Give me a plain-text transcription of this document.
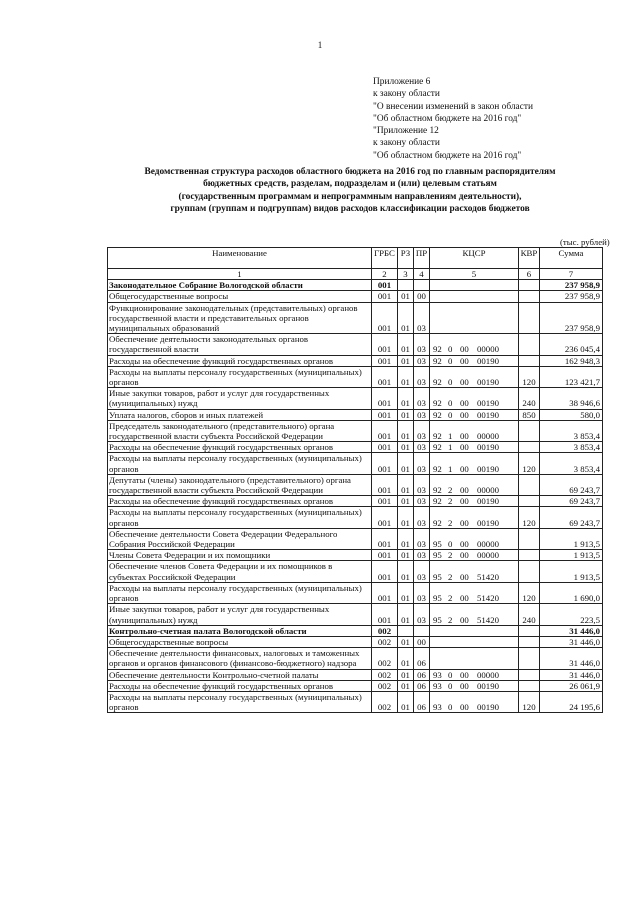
1
Приложение 6
к закону области
"О внесении изменений в закон области
"Об областном бюджете на 2016 год"
"Приложение 12
к закону области
"Об областном бюджете на 2016 год"
Ведомственная структура расходов областного бюджета на 2016 год по главным распорядителям
бюджетных средств, разделам, подразделам и (или) целевым статьям
(государственным программам и непрограммным направлениям деятельности),
группам (группам и подгруппам) видов расходов классификации расходов бюджетов
(тыс. рублей)
Наименование	ГРБС	РЗ	ПР	КЦСР	КВР	Сумма
1	2	3	4	5	6	7
Законодательное Собрание Вологодской области	001					237 958,9
Общегосударственные вопросы	001	01	00			237 958,9
Функционирование законодательных (представительных) органов государственной власти и представительных органов муниципальных образований	001	01	03			237 958,9
Обеспечение деятельности законодательных органов государственной власти	001	01	03	92 0 00 00000		236 045,4
Расходы на обеспечение функций государственных органов	001	01	03	92 0 00 00190		162 948,3
Расходы на выплаты персоналу государственных (муниципальных) органов	001	01	03	92 0 00 00190	120	123 421,7
Иные закупки товаров, работ и услуг для государственных (муниципальных) нужд	001	01	03	92 0 00 00190	240	38 946,6
Уплата налогов, сборов и иных платежей	001	01	03	92 0 00 00190	850	580,0
Председатель законодательного (представительного) органа государственной власти субъекта Российской Федерации	001	01	03	92 1 00 00000		3 853,4
Расходы на обеспечение функций государственных органов	001	01	03	92 1 00 00190		3 853,4
Расходы на выплаты персоналу государственных (муниципальных) органов	001	01	03	92 1 00 00190	120	3 853,4
Депутаты (члены) законодательного (представительного) органа государственной власти субъекта Российской Федерации	001	01	03	92 2 00 00000		69 243,7
Расходы на обеспечение функций государственных органов	001	01	03	92 2 00 00190		69 243,7
Расходы на выплаты персоналу государственных (муниципальных) органов	001	01	03	92 2 00 00190	120	69 243,7
Обеспечение деятельности Совета Федерации Федерального Собрания Российской Федерации	001	01	03	95 0 00 00000		1 913,5
Члены Совета Федерации и их помощники	001	01	03	95 2 00 00000		1 913,5
Обеспечение членов Совета Федерации и их помощников в субъектах Российской Федерации	001	01	03	95 2 00 51420		1 913,5
Расходы на выплаты персоналу государственных (муниципальных) органов	001	01	03	95 2 00 51420	120	1 690,0
Иные закупки товаров, работ и услуг для государственных (муниципальных) нужд	001	01	03	95 2 00 51420	240	223,5
Контрольно-счетная палата Вологодской области	002					31 446,0
Общегосударственные вопросы	002	01	00			31 446,0
Обеспечение деятельности финансовых, налоговых и таможенных органов и органов финансового (финансово-бюджетного) надзора	002	01	06			31 446,0
Обеспечение деятельности Контрольно-счетной палаты	002	01	06	93 0 00 00000		31 446,0
Расходы на обеспечение функций государственных органов	002	01	06	93 0 00 00190		26 061,9
Расходы на выплаты персоналу государственных (муниципальных) органов	002	01	06	93 0 00 00190	120	24 195,6
